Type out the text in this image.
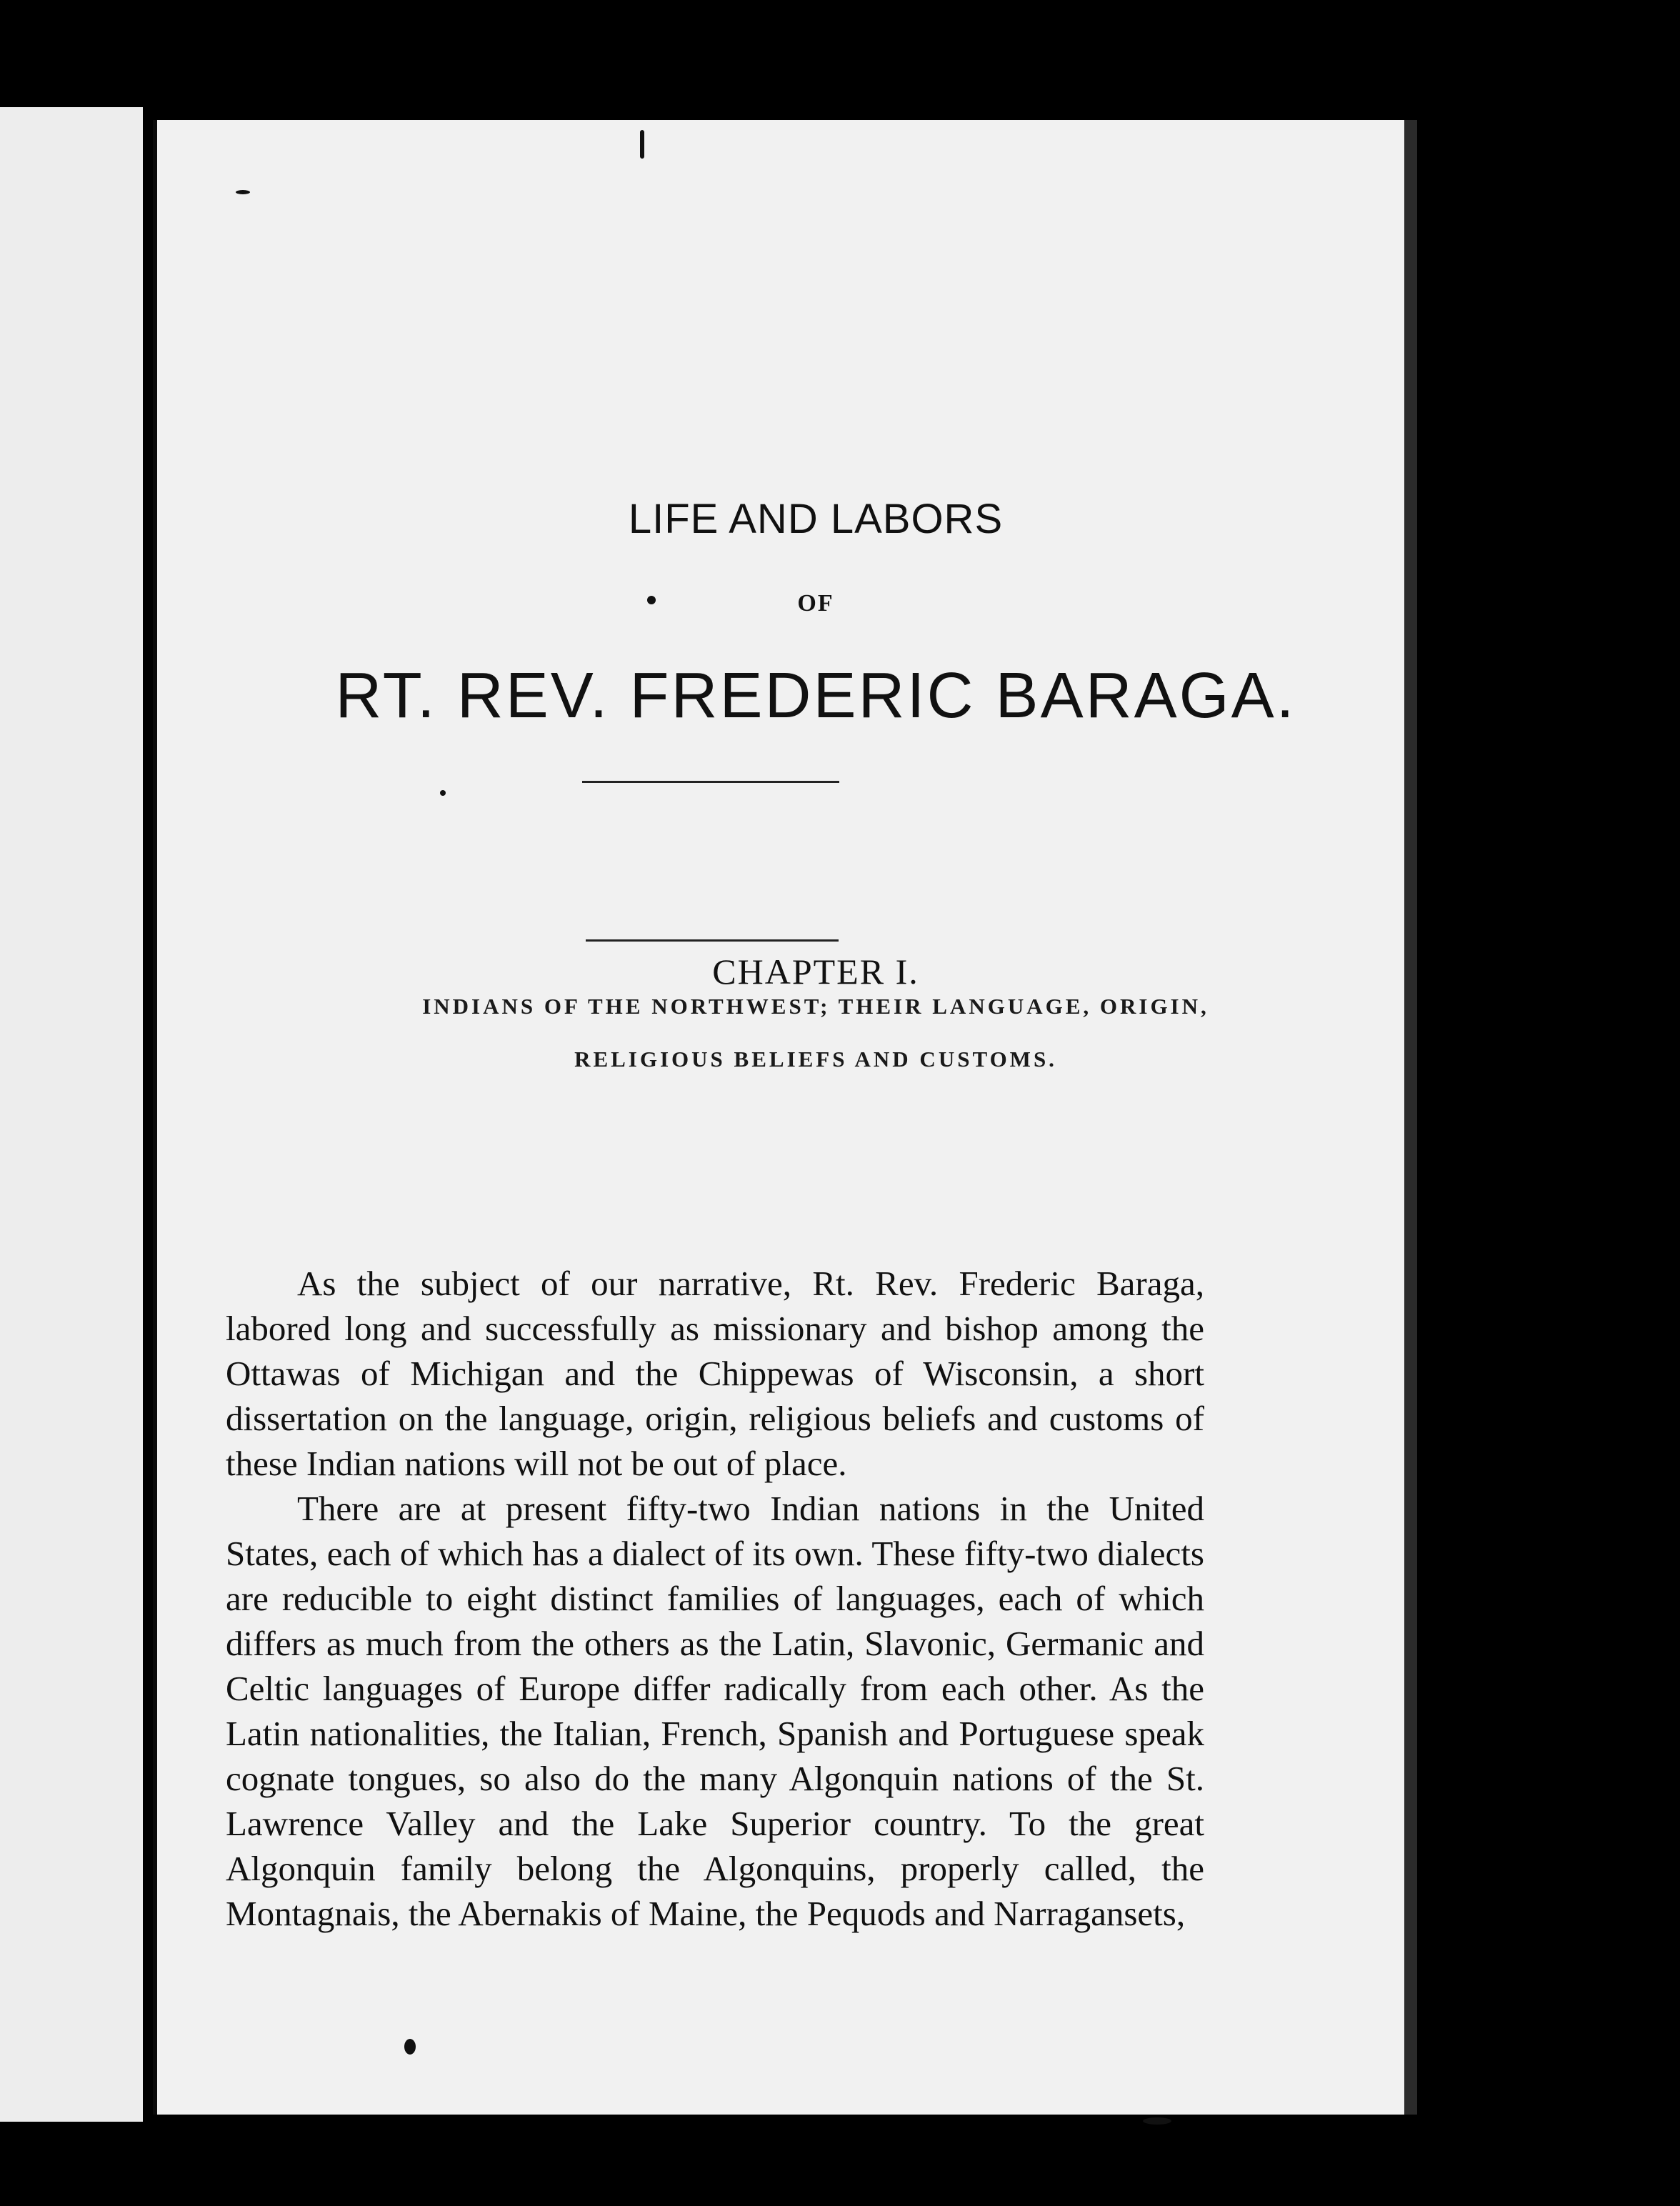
LIFE AND LABORS
OF
RT. REV. FREDERIC BARAGA.
CHAPTER I.
INDIANS OF THE NORTHWEST; THEIR LANGUAGE, ORIGIN,
RELIGIOUS BELIEFS AND CUSTOMS.

As the subject of our narrative, Rt. Rev. Frederic Baraga, labored long and successfully as missionary and bishop among the Ottawas of Michigan and the Chippewas of Wisconsin, a short dissertation on the language, origin, religious beliefs and customs of these Indian nations will not be out of place.

There are at present fifty-two Indian nations in the United States, each of which has a dialect of its own. These fifty-two dialects are reducible to eight distinct families of languages, each of which differs as much from the others as the Latin, Slavonic, Germanic and Celtic languages of Europe differ radically from each other. As the Latin nationalities, the Italian, French, Spanish and Portuguese speak cognate tongues, so also do the many Algonquin nations of the St. Lawrence Valley and the Lake Superior country. To the great Algonquin family belong the Algonquins, properly called, the Montagnais, the Abernakis of Maine, the Pequods and Narragansets,
